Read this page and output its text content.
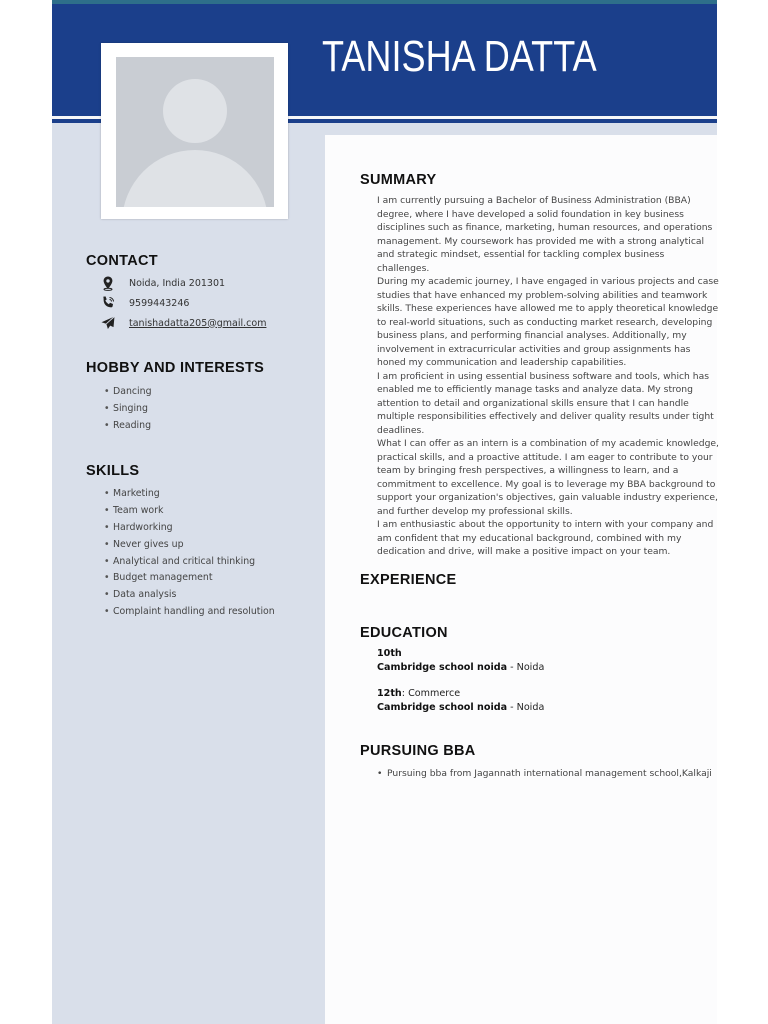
TANISHA DATTA
CONTACT
Noida, India 201301
9599443246
tanishadatta205@gmail.com
HOBBY AND INTERESTS
• Dancing
• Singing
• Reading
SKILLS
• Marketing
• Team work
• Hardworking
• Never gives up
• Analytical and critical thinking
• Budget management
• Data analysis
• Complaint handling and resolution
SUMMARY

I am currently pursuing a Bachelor of Business Administration (BBA) degree, where I have developed a solid foundation in key business disciplines such as finance, marketing, human resources, and operations management. My coursework has provided me with a strong analytical and strategic mindset, essential for tackling complex business challenges.

During my academic journey, I have engaged in various projects and case studies that have enhanced my problem-solving abilities and teamwork skills. These experiences have allowed me to apply theoretical knowledge to real-world situations, such as conducting market research, developing business plans, and performing financial analyses. Additionally, my involvement in extracurricular activities and group assignments has honed my communication and leadership capabilities.

I am proficient in using essential business software and tools, which has enabled me to efficiently manage tasks and analyze data. My strong attention to detail and organizational skills ensure that I can handle multiple responsibilities effectively and deliver quality results under tight deadlines.

What I can offer as an intern is a combination of my academic knowledge, practical skills, and a proactive attitude. I am eager to contribute to your team by bringing fresh perspectives, a willingness to learn, and a commitment to excellence. My goal is to leverage my BBA background to support your organization's objectives, gain valuable industry experience, and further develop my professional skills.

I am enthusiastic about the opportunity to intern with your company and am confident that my educational background, combined with my dedication and drive, will make a positive impact on your team.

EXPERIENCE
EDUCATION
10th
Cambridge school noida - Noida
12th: Commerce
Cambridge school noida - Noida
PURSUING BBA
• Pursuing bba from Jagannath international management school,Kalkaji
